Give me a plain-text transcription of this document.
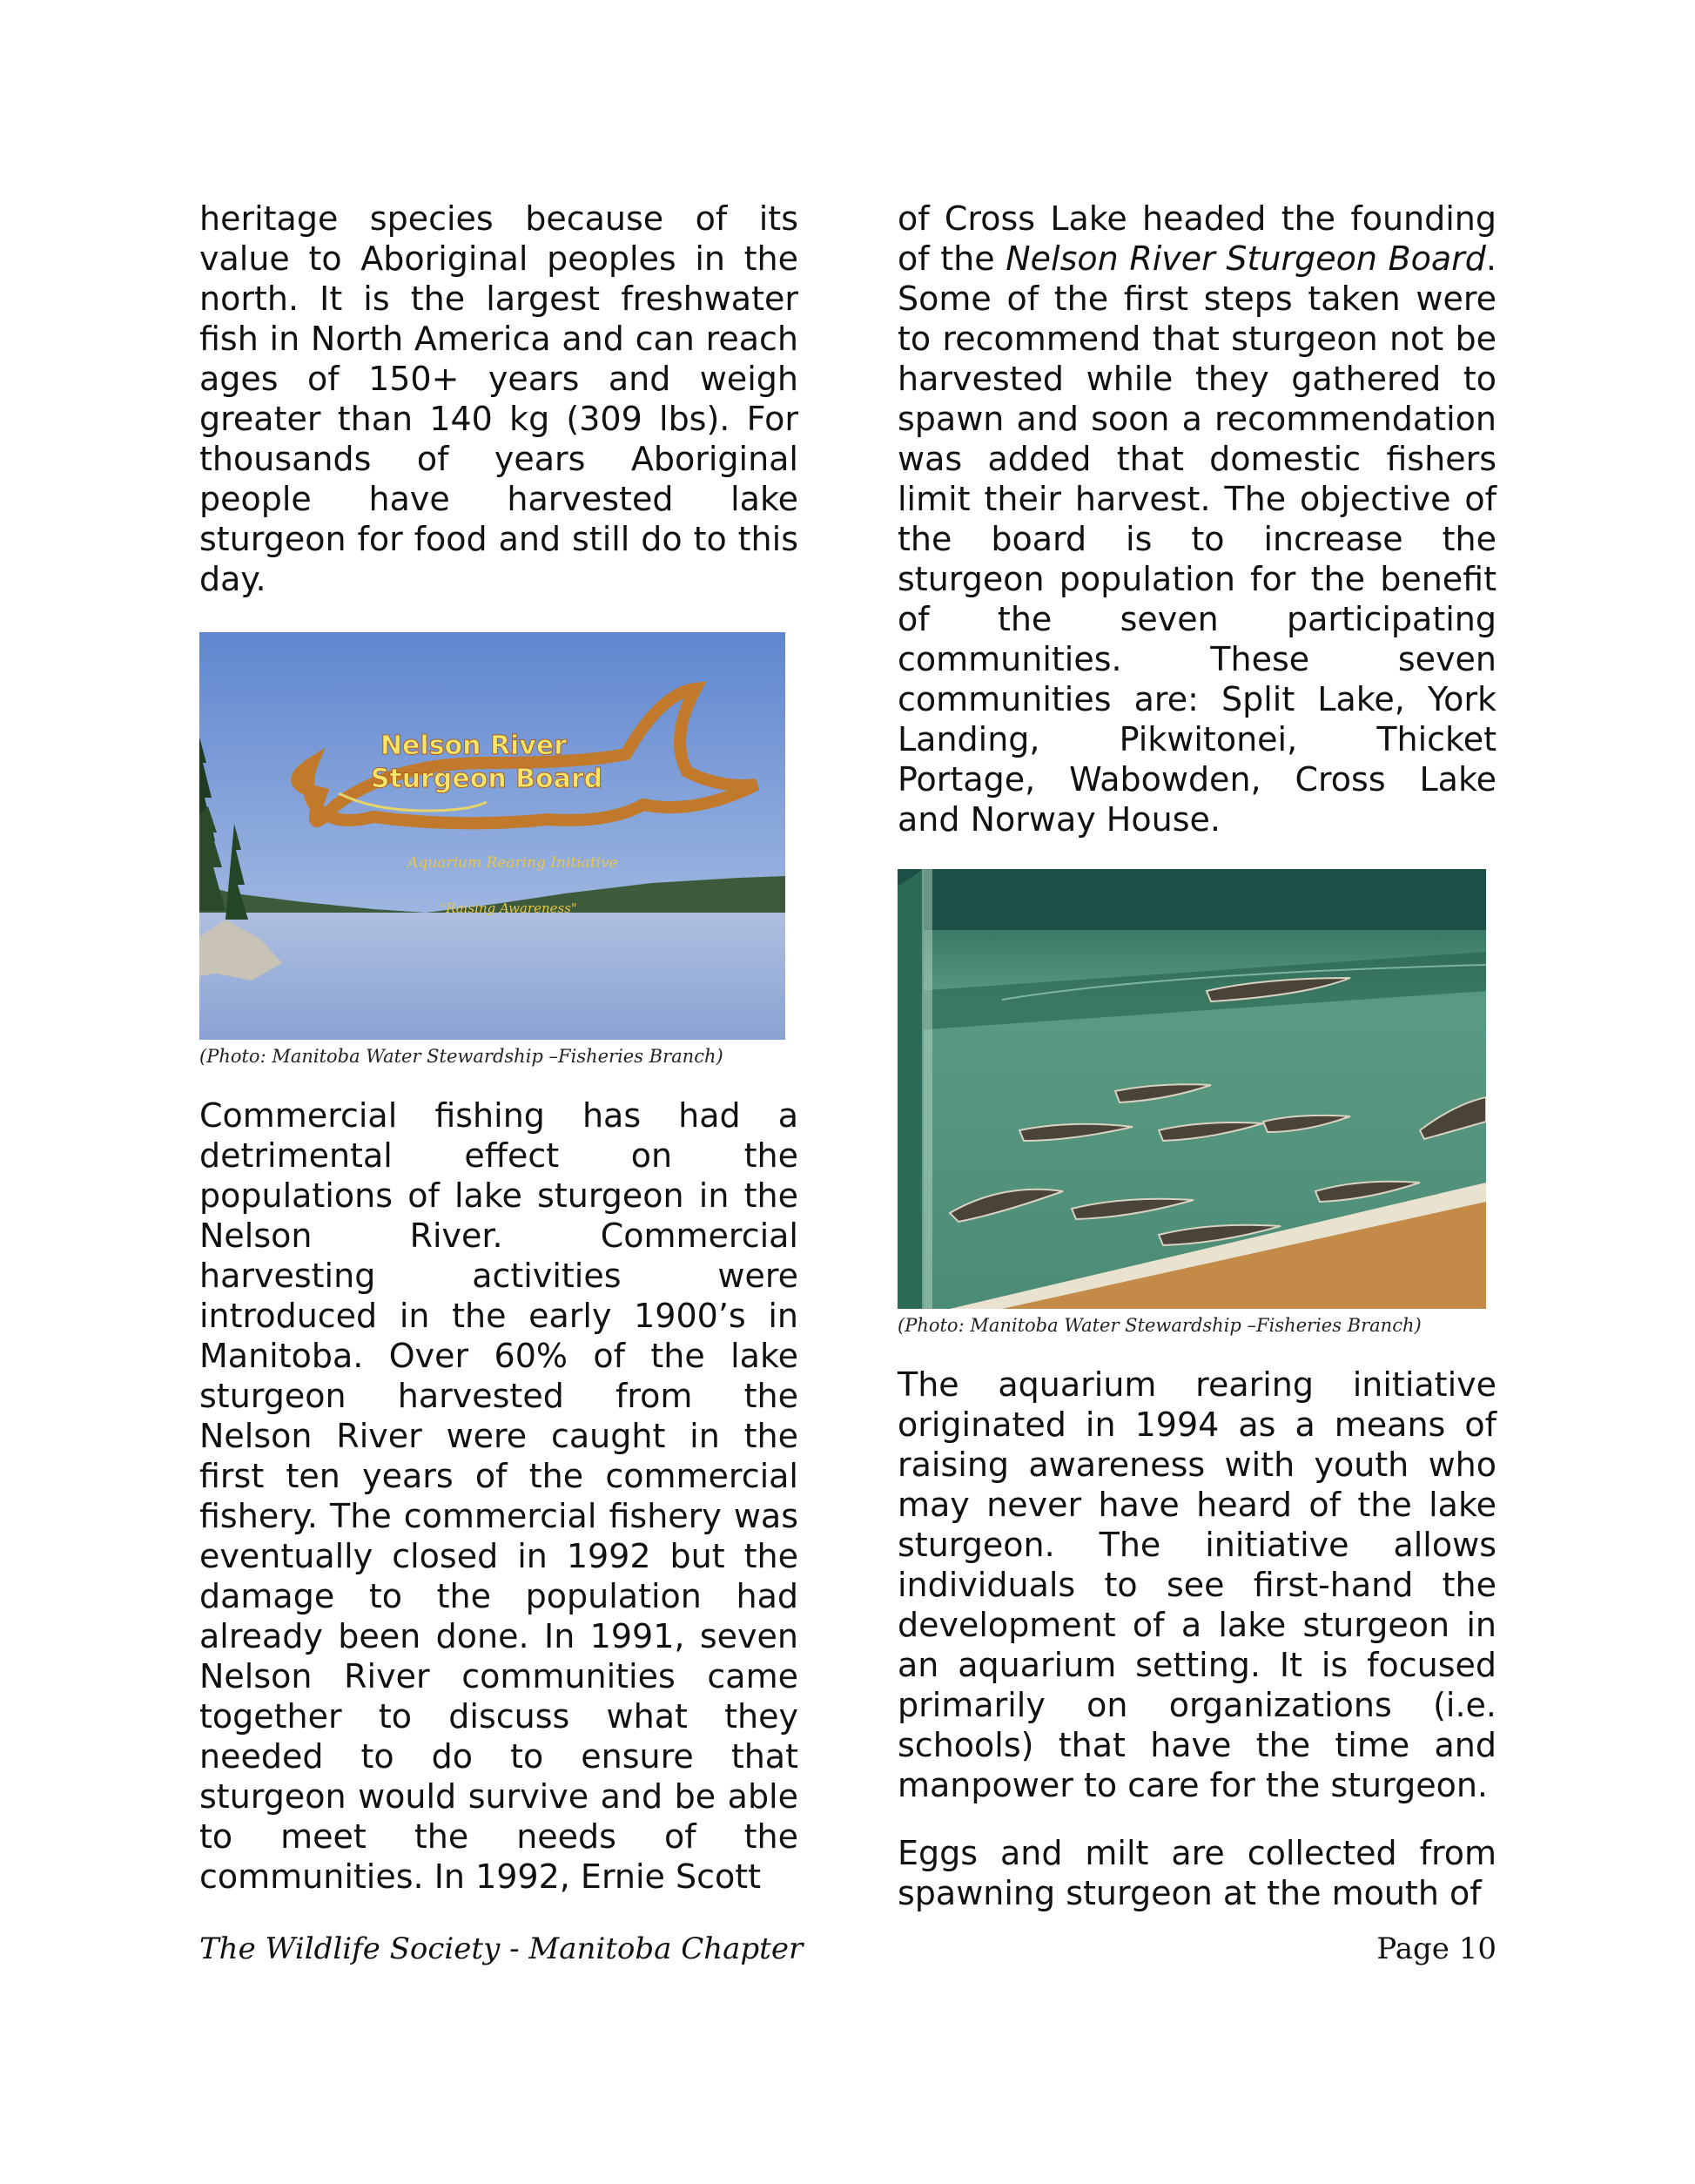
heritage species because of its value to Aboriginal peoples in the north. It is the largest freshwater fish in North America and can reach ages of 150+ years and weigh greater than 140 kg (309 lbs). For thousands of years Aboriginal people have harvested lake sturgeon for food and still do to this day.

Nelson River
Sturgeon Board
Aquarium Rearing Initiative
"Raising Awareness"
(Photo: Manitoba Water Stewardship –Fisheries Branch)

Commercial fishing has had a detrimental effect on the populations of lake sturgeon in the Nelson River. Commercial harvesting activities were introduced in the early 1900’s in Manitoba. Over 60% of the lake sturgeon harvested from the Nelson River were caught in the first ten years of the commercial fishery. The commercial fishery was eventually closed in 1992 but the damage to the population had already been done. In 1991, seven Nelson River communities came together to discuss what they needed to do to ensure that sturgeon would survive and be able to meet the needs of the communities. In 1992, Ernie Scott

of Cross Lake headed the founding of the Nelson River Sturgeon Board. Some of the first steps taken were to recommend that sturgeon not be harvested while they gathered to spawn and soon a recommendation was added that domestic fishers limit their harvest. The objective of the board is to increase the sturgeon population for the benefit of the seven participating communities. These seven communities are: Split Lake, York Landing, Pikwitonei, Thicket Portage, Wabowden, Cross Lake and Norway House.

(Photo: Manitoba Water Stewardship –Fisheries Branch)

The aquarium rearing initiative originated in 1994 as a means of raising awareness with youth who may never have heard of the lake sturgeon. The initiative allows individuals to see first-hand the development of a lake sturgeon in an aquarium setting. It is focused primarily on organizations (i.e. schools) that have the time and manpower to care for the sturgeon.

Eggs and milt are collected from spawning sturgeon at the mouth of

The Wildlife Society - Manitoba Chapter	Page 10
